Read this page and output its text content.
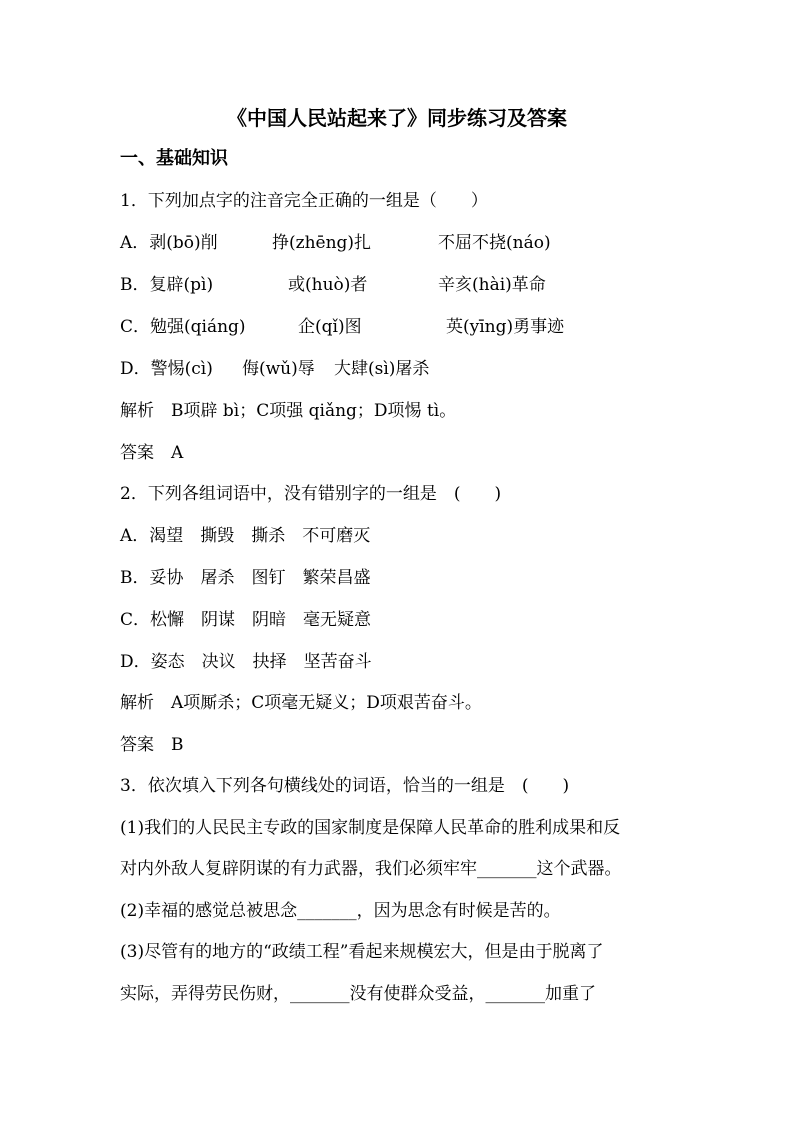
《中国人民站起来了》同步练习及答案
一、基础知识
1．下列加点字的注音完全正确的一组是（　　）
A．剥(bō)削	挣(zhēng)扎	不屈不挠(náo)
B．复辟(pì)	或(huò)者	辛亥(hài)革命
C．勉强(qiáng)	企(qǐ)图	英(yīng)勇事迹
D．警惕(cì) 侮(wǔ)辱 大肆(sì)屠杀
解析　B项辟 bì；C项强 qiǎng；D项惕 tì。
答案　A
2．下列各组词语中，没有错别字的一组是　(　　)
A．渴望　撕毁　撕杀　不可磨灭
B．妥协　屠杀　图钉　繁荣昌盛
C．松懈　阴谋　阴暗　毫无疑意
D．姿态　决议　抉择　坚苦奋斗
解析　A项厮杀；C项毫无疑义；D项艰苦奋斗。
答案　B
3．依次填入下列各句横线处的词语，恰当的一组是　(　　)
(1)我们的人民民主专政的国家制度是保障人民革命的胜利成果和反
对内外敌人复辟阴谋的有力武器，我们必须牢牢_______这个武器。
(2)幸福的感觉总被思念_______，因为思念有时候是苦的。
(3)尽管有的地方的“政绩工程”看起来规模宏大，但是由于脱离了
实际，弄得劳民伤财，_______没有使群众受益，_______加重了
